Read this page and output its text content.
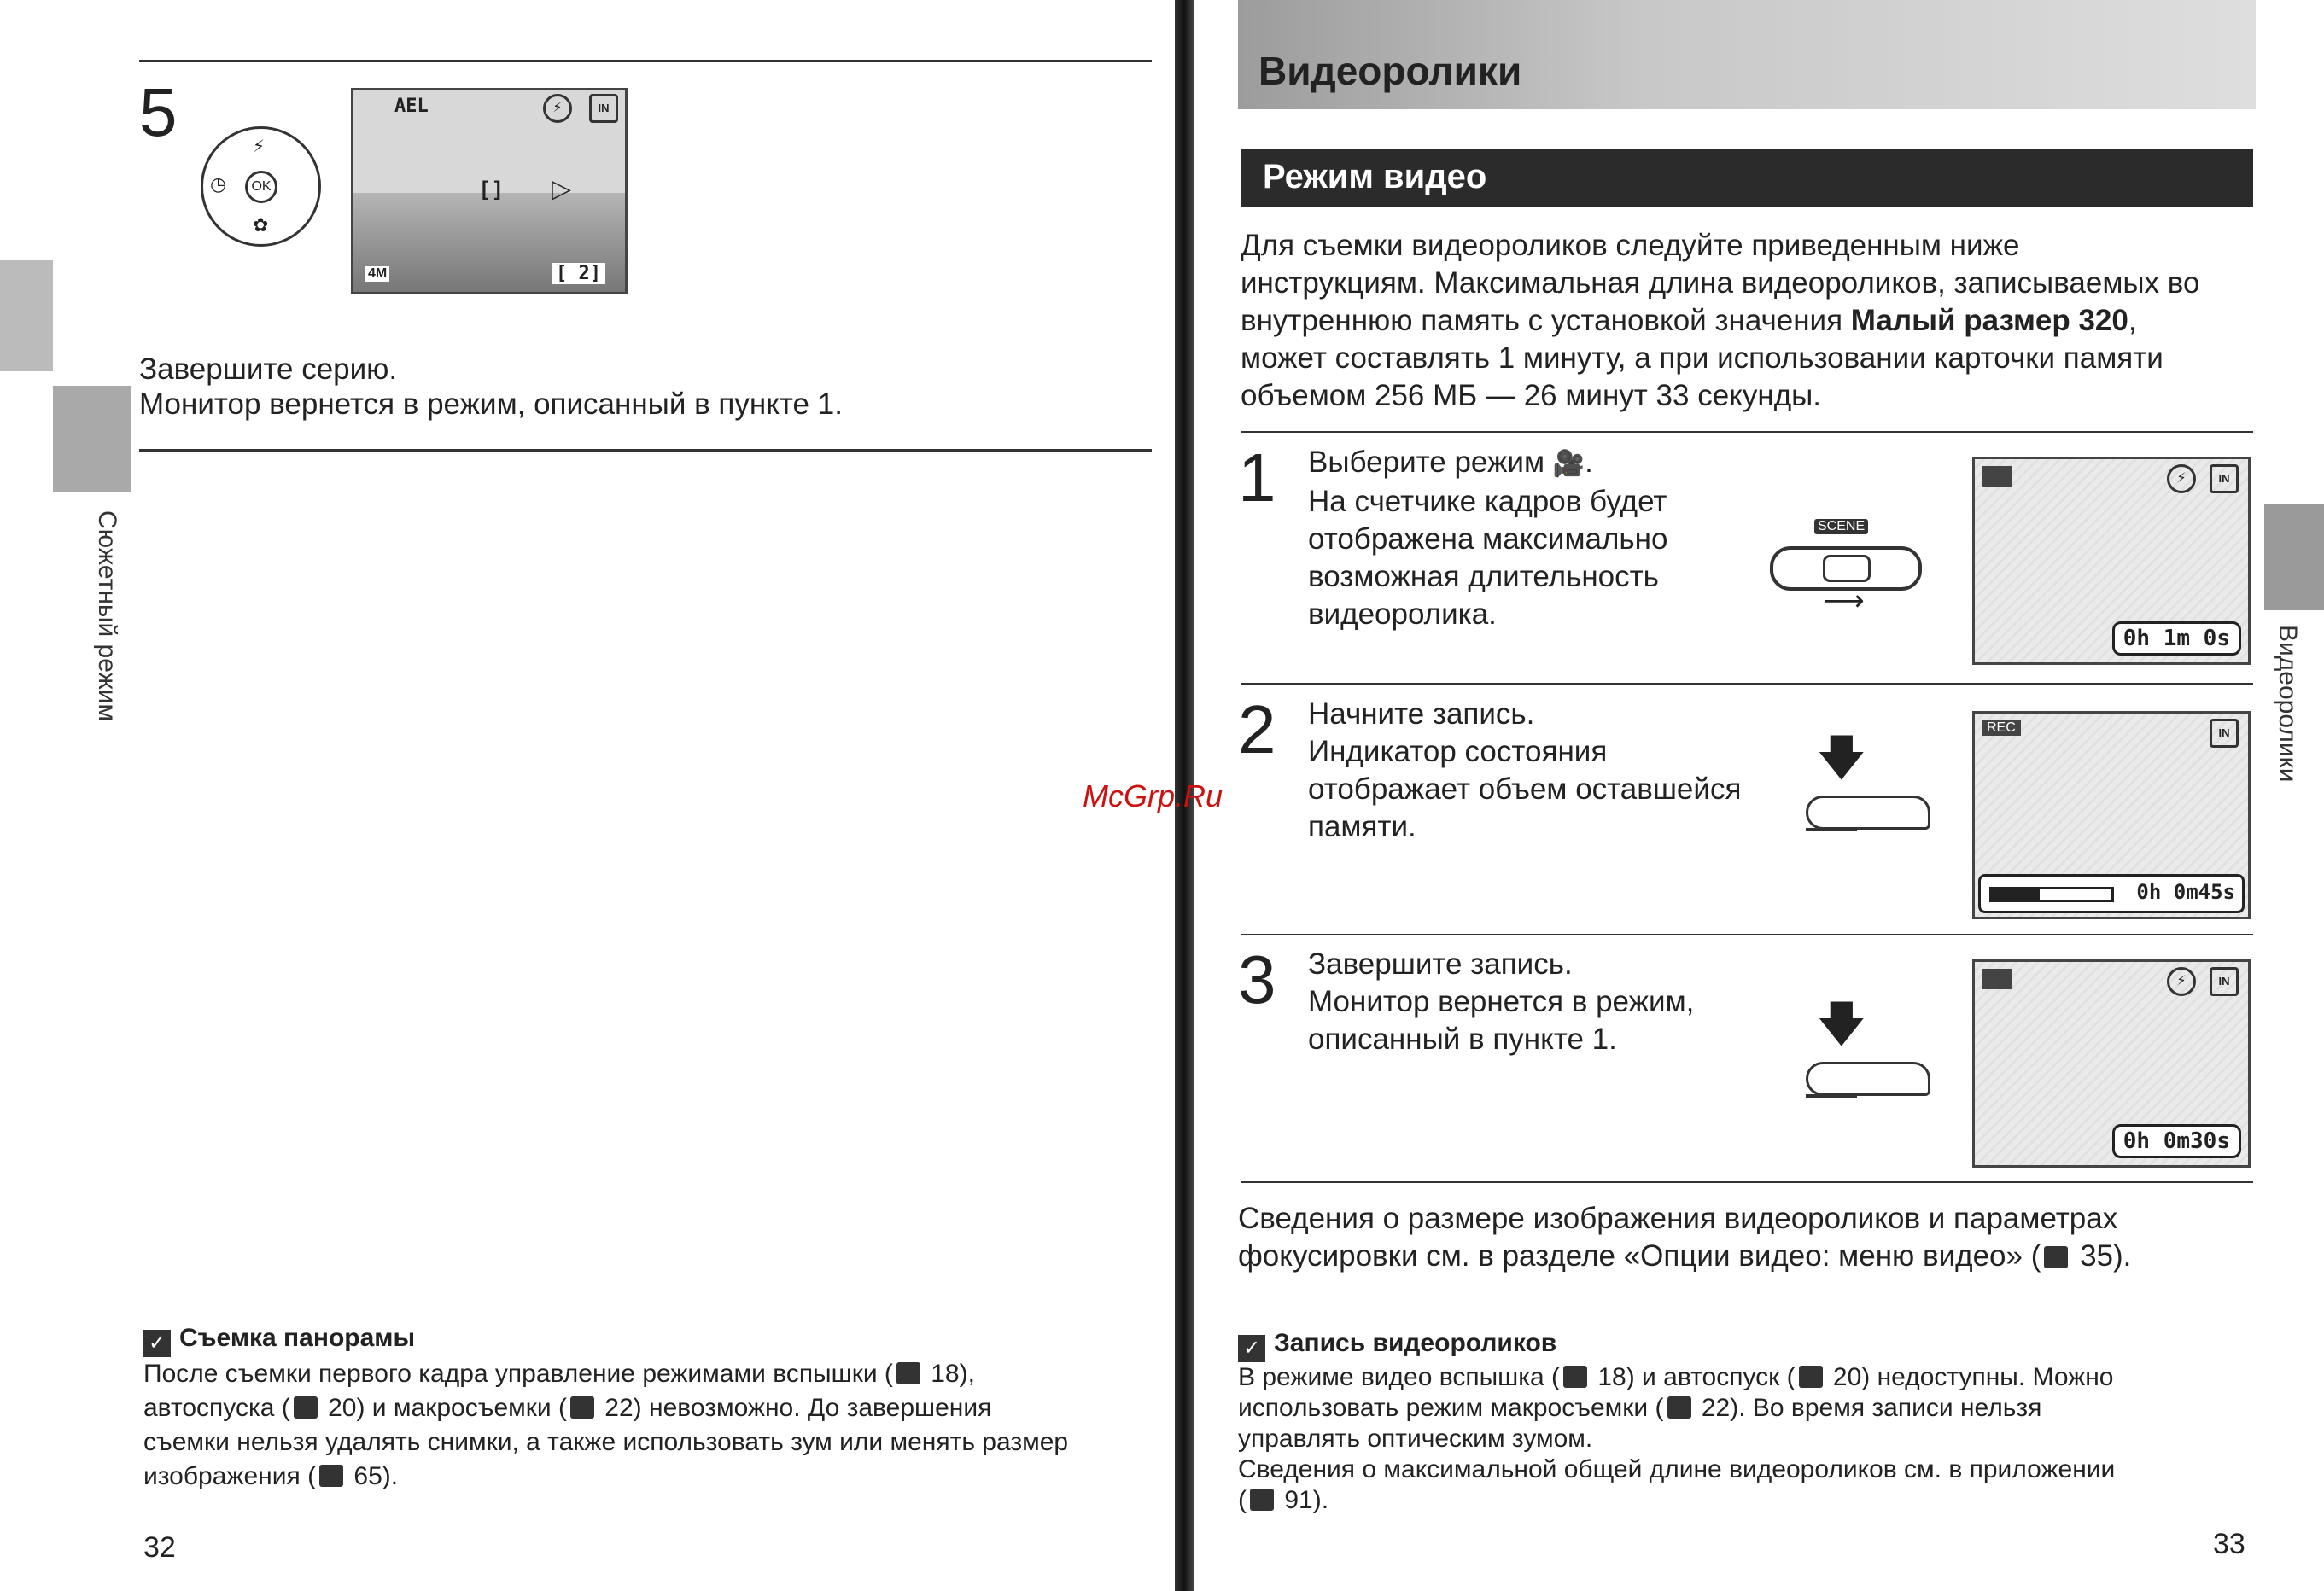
5
OK
⚡
✿
◷
AEL	⚡	IN
[ ] ▷
4M	[ 2]
Завершите серию.
Монитор вернется в режим, описанный в пункте 1.
Сюжетный режим
✓ Съемка панорамы
После съемки первого кадра управление режимами вспышки ( 18),
автоспуска ( 20) и макросъемки ( 22) невозможно. До завершения
съемки нельзя удалять снимки, а также использовать зум или менять размер
изображения ( 65).
32
McGrp.Ru
Видеоролики
Режим видео
Для съемки видеороликов следуйте приведенным ниже
инструкциям. Максимальная длина видеороликов, записываемых во
внутреннюю память с установкой значения Малый размер 320,
может составлять 1 минуту, а при использовании карточки памяти
объемом 256 МБ — 26 минут 33 секунды.
1 Выберите режим 🎥.
На счетчике кадров будет
отображена максимально
возможная длительность
видеоролика.
SCENE
⟶
⚡	IN
0h 1m 0s
2 Начните запись.
Индикатор состояния
отображает объем оставшейся
памяти.
🡇
REC	IN
0h 0m45s
3 Завершите запись.
Монитор вернется в режим,
описанный в пункте 1.	🡇
⚡	IN
0h 0m30s
Сведения о размере изображения видеороликов и параметрах
фокусировки см. в разделе «Опции видео: меню видео» ( 35).
✓ Запись видеороликов
В режиме видео вспышка ( 18) и автоспуск ( 20) недоступны. Можно
использовать режим макросъемки ( 22). Во время записи нельзя
управлять оптическим зумом.
Сведения о максимальной общей длине видеороликов см. в приложении
( 91).
Видеоролики
33
